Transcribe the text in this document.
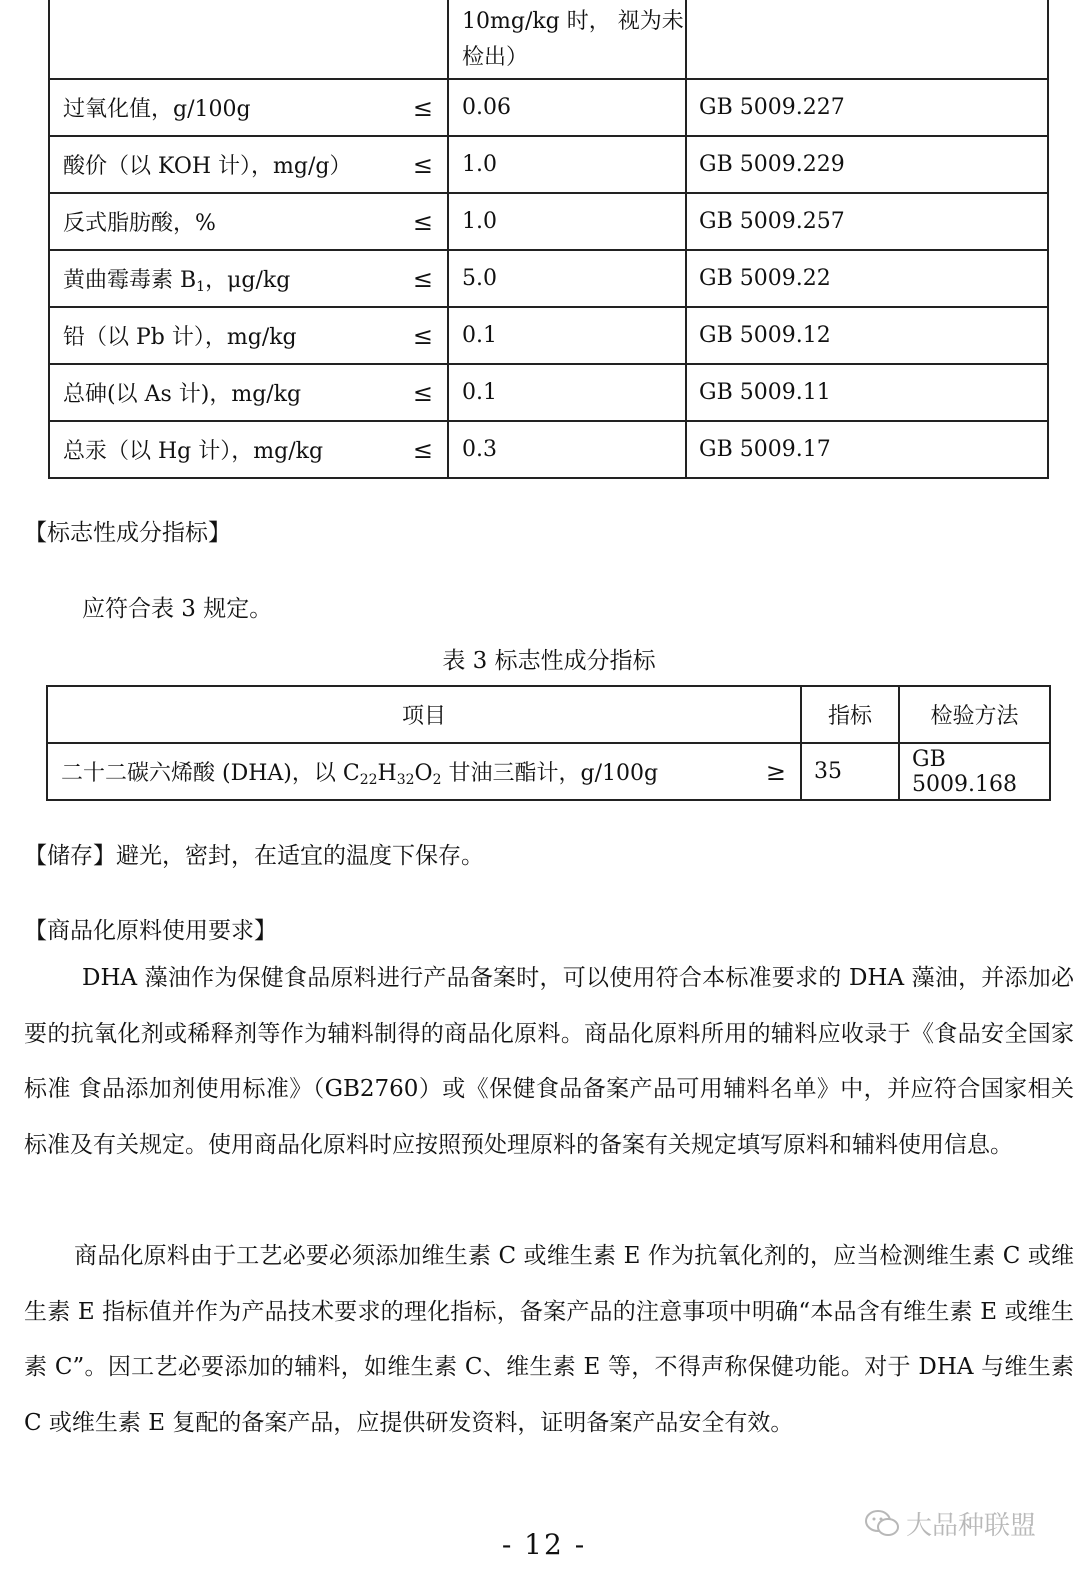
	10mg/kg 时， 视为未检出）	
过氧化值，g/100g ≤	0.06	GB 5009.227
酸价（以 KOH 计），mg/g） ≤	1.0	GB 5009.229
反式脂肪酸，% ≤	1.0	GB 5009.257
黄曲霉毒素 $B_1$，μg/kg ≤	5.0	GB 5009.22
铅（以 Pb 计），mg/kg ≤	0.1	GB 5009.12
总砷(以 As 计)，mg/kg ≤	0.1	GB 5009.11
总汞（以 Hg 计），mg/kg ≤	0.3	GB 5009.17
【标志性成分指标】
应符合表 3 规定。
表 3 标志性成分指标
项目	指标	检验方法
二十二碳六烯酸 (DHA)，以 $C_{22}H_{32}O_2$ 甘油三酯计，g/100g ≥	35	GB 5009.168
【储存】避光，密封，在适宜的温度下保存。
【商品化原料使用要求】
DHA 藻油作为保健食品原料进行产品备案时，可以使用符合本标准要求的 DHA 藻油，并添加必要的抗氧化剂或稀释剂等作为辅料制得的商品化原料。商品化原料所用的辅料应收录于《食品安全国家标准 食品添加剂使用标准》（GB2760）或《保健食品备案产品可用辅料名单》中，并应符合国家相关标准及有关规定。使用商品化原料时应按照预处理原料的备案有关规定填写原料和辅料使用信息。
商品化原料由于工艺必要必须添加维生素 C 或维生素 E 作为抗氧化剂的，应当检测维生素 C 或维生素 E 指标值并作为产品技术要求的理化指标，备案产品的注意事项中明确“本品含有维生素 E 或维生素 C”。因工艺必要添加的辅料，如维生素 C、维生素 E 等，不得声称保健功能。对于 DHA 与维生素 C 或维生素 E 复配的备案产品，应提供研发资料，证明备案产品安全有效。
- 12 -
大品种联盟
